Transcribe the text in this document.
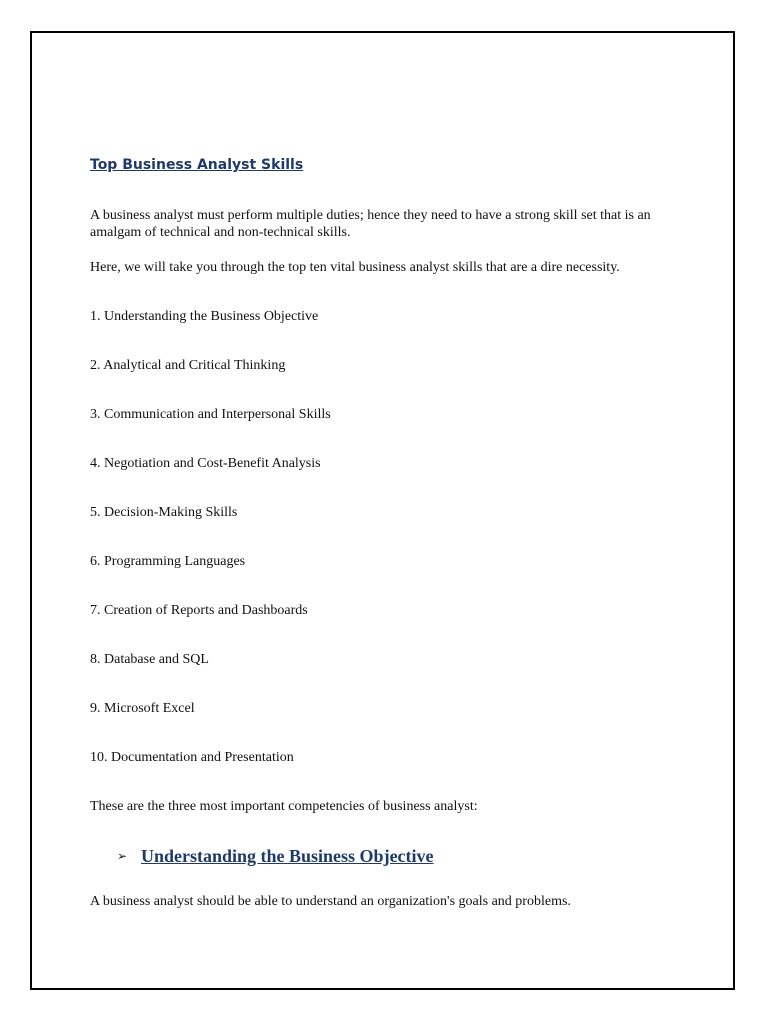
Top Business Analyst Skills

A business analyst must perform multiple duties; hence they need to have a strong skill set that is an amalgam of technical and non-technical skills.

Here, we will take you through the top ten vital business analyst skills that are a dire necessity.

1. Understanding the Business Objective
2. Analytical and Critical Thinking
3. Communication and Interpersonal Skills
4. Negotiation and Cost-Benefit Analysis
5. Decision-Making Skills
6. Programming Languages
7. Creation of Reports and Dashboards
8. Database and SQL
9. Microsoft Excel
10. Documentation and Presentation

These are the three most important competencies of business analyst:

➢ Understanding the Business Objective

A business analyst should be able to understand an organization's goals and problems.
